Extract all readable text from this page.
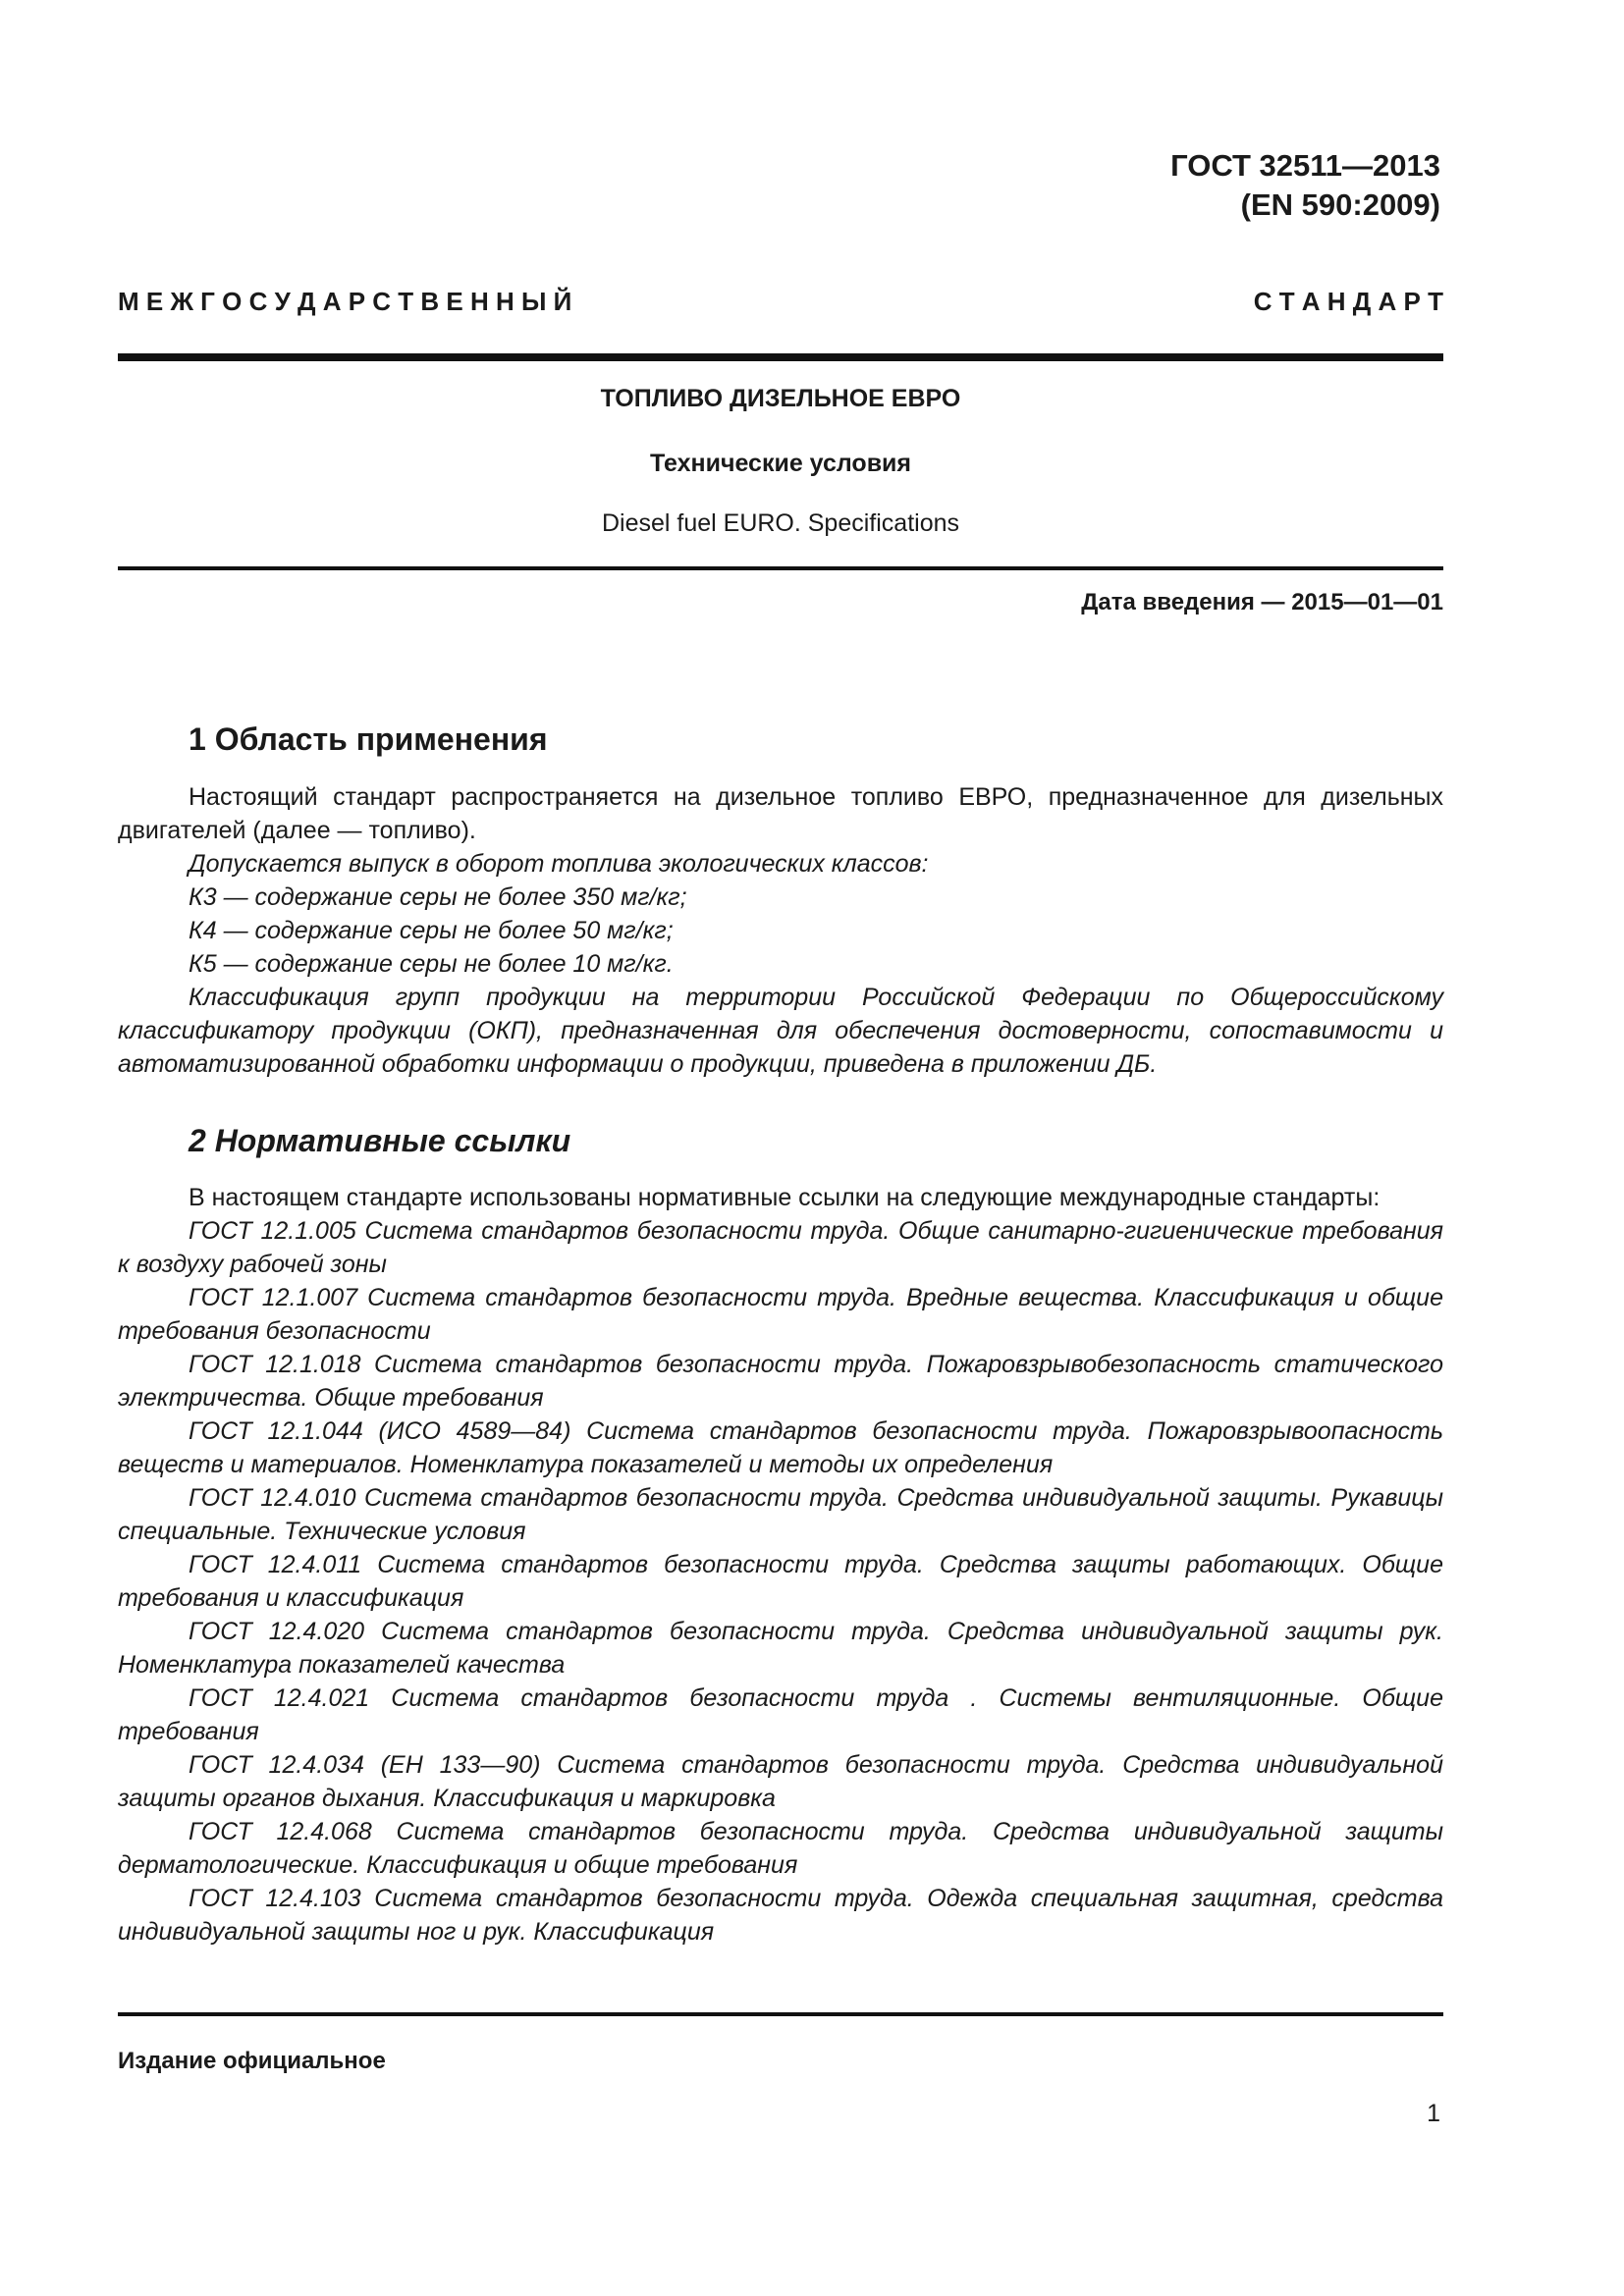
ГОСТ 32511—2013
(EN 590:2009)
М Е Ж Г О С У Д А Р С Т В Е Н Н Ы Й	С Т А Н Д А Р Т
ТОПЛИВО ДИЗЕЛЬНОЕ ЕВРО
Технические условия
Diesel fuel EURO. Specifications
Дата введения — 2015—01—01
1 Область применения

Настоящий стандарт распространяется на дизельное топливо ЕВРО, предназначенное для дизельных двигателей (далее — топливо).

Допускается выпуск в оборот топлива экологических классов:

К3 — содержание серы не более 350 мг/кг;

К4 — содержание серы не более 50 мг/кг;

К5 — содержание серы не более 10 мг/кг.

Классификация групп продукции на территории Российской Федерации по Общероссийскому классификатору продукции (ОКП), предназначенная для обеспечения достоверности, сопоставимости и автоматизированной обработки информации о продукции, приведена в приложении ДБ.

2 Нормативные ссылки

В настоящем стандарте использованы нормативные ссылки на следующие международные стандарты:

ГОСТ 12.1.005 Система стандартов безопасности труда. Общие санитарно-гигиенические требования к воздуху рабочей зоны

ГОСТ 12.1.007 Система стандартов безопасности труда. Вредные вещества. Классификация и общие требования безопасности

ГОСТ 12.1.018 Система стандартов безопасности труда. Пожаровзрывобезопасность статического электричества. Общие требования

ГОСТ 12.1.044 (ИСО 4589—84) Система стандартов безопасности труда. Пожаровзрывоопасность веществ и материалов. Номенклатура показателей и методы их определения

ГОСТ 12.4.010 Система стандартов безопасности труда. Средства индивидуальной защиты. Рукавицы специальные. Технические условия

ГОСТ 12.4.011 Система стандартов безопасности труда. Средства защиты работающих. Общие требования и классификация

ГОСТ 12.4.020 Система стандартов безопасности труда. Средства индивидуальной защиты рук. Номенклатура показателей качества

ГОСТ 12.4.021 Система стандартов безопасности труда . Системы вентиляционные. Общие требования

ГОСТ 12.4.034 (ЕН 133—90) Система стандартов безопасности труда. Средства индивидуальной защиты органов дыхания. Классификация и маркировка

ГОСТ 12.4.068 Система стандартов безопасности труда. Средства индивидуальной защиты дерматологические. Классификация и общие требования

ГОСТ 12.4.103 Система стандартов безопасности труда. Одежда специальная защитная, средства индивидуальной защиты ног и рук. Классификация

Издание официальное
1
